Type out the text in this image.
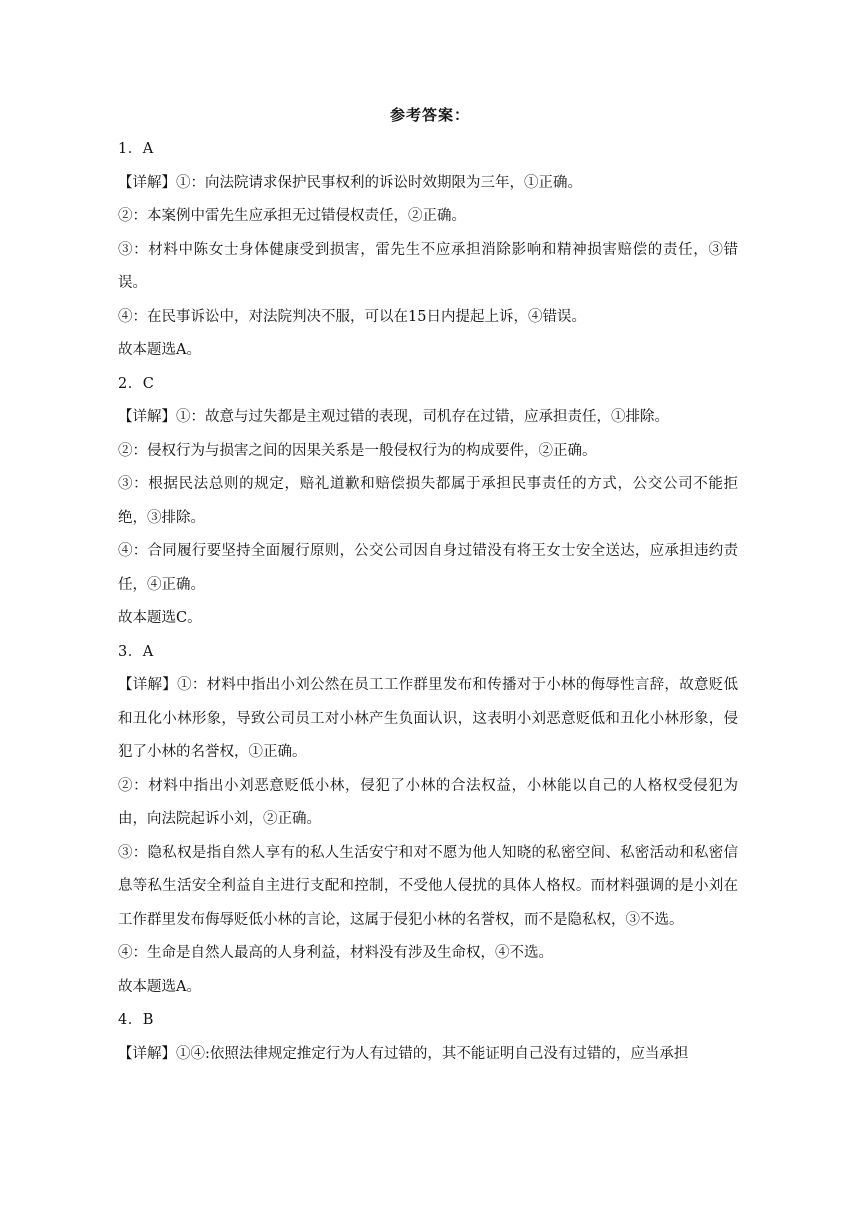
参考答案：

1．A

【详解】①：向法院请求保护民事权利的诉讼时效期限为三年，①正确。

②：本案例中雷先生应承担无过错侵权责任，②正确。

③：材料中陈女士身体健康受到损害，雷先生不应承担消除影响和精神损害赔偿的责任，③错误。

④：在民事诉讼中，对法院判决不服，可以在15日内提起上诉，④错误。

故本题选A。

2．C

【详解】①：故意与过失都是主观过错的表现，司机存在过错，应承担责任，①排除。

②：侵权行为与损害之间的因果关系是一般侵权行为的构成要件，②正确。

③：根据民法总则的规定，赔礼道歉和赔偿损失都属于承担民事责任的方式，公交公司不能拒绝，③排除。

④：合同履行要坚持全面履行原则，公交公司因自身过错没有将王女士安全送达，应承担违约责任，④正确。

故本题选C。

3．A

【详解】①：材料中指出小刘公然在员工工作群里发布和传播对于小林的侮辱性言辞，故意贬低和丑化小林形象，导致公司员工对小林产生负面认识，这表明小刘恶意贬低和丑化小林形象，侵犯了小林的名誉权，①正确。

②：材料中指出小刘恶意贬低小林，侵犯了小林的合法权益，小林能以自己的人格权受侵犯为由，向法院起诉小刘，②正确。

③：隐私权是指自然人享有的私人生活安宁和对不愿为他人知晓的私密空间、私密活动和私密信息等私生活安全利益自主进行支配和控制，不受他人侵扰的具体人格权。而材料强调的是小刘在工作群里发布侮辱贬低小林的言论，这属于侵犯小林的名誉权，而不是隐私权，③不选。

④：生命是自然人最高的人身利益，材料没有涉及生命权，④不选。

故本题选A。

4．B

【详解】①④:依照法律规定推定行为人有过错的，其不能证明自己没有过错的，应当承担
